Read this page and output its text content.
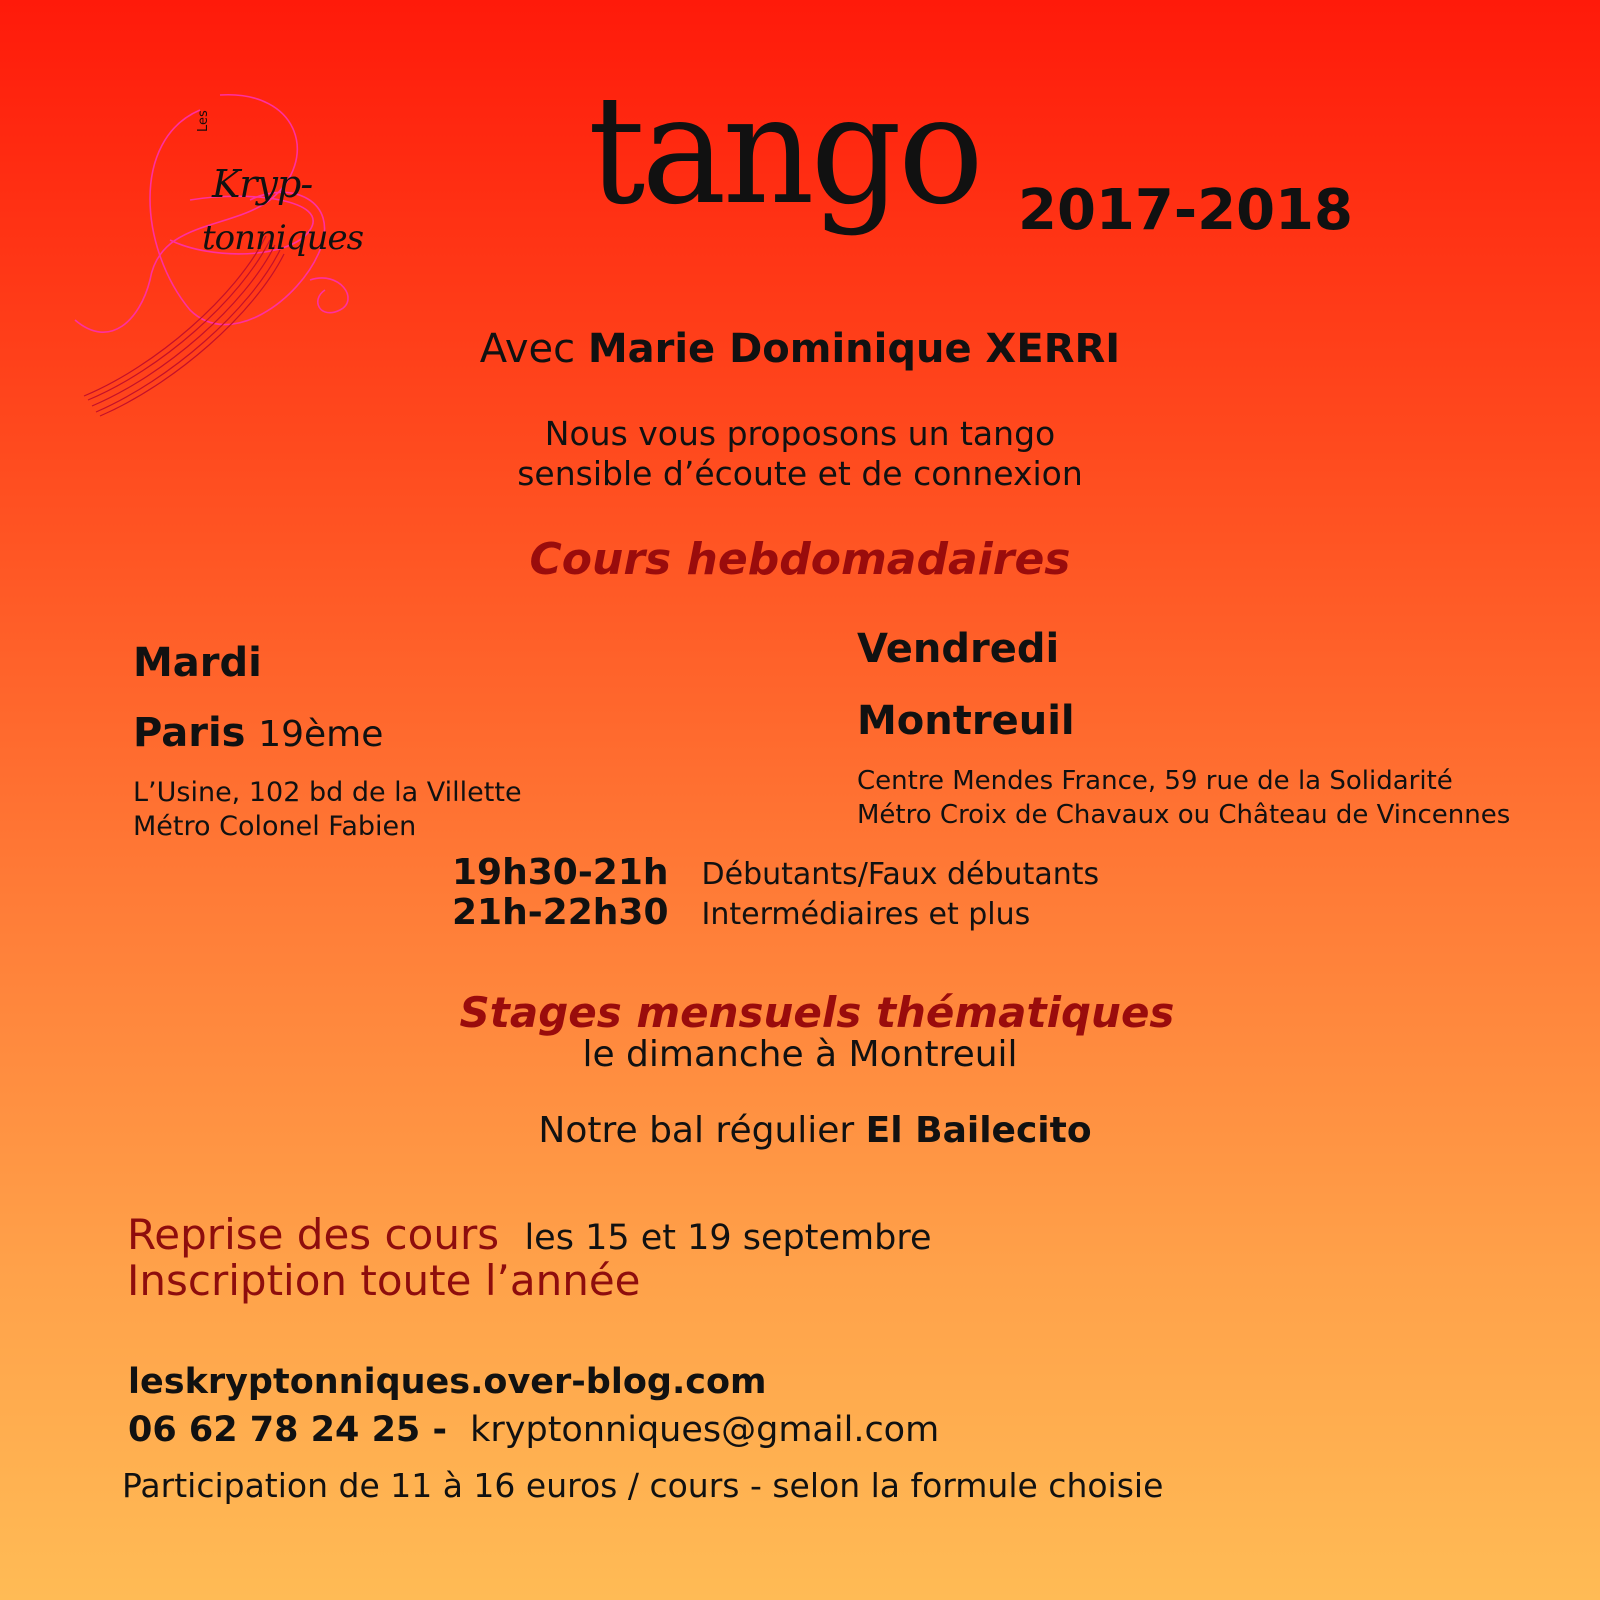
Les
Kryp-
tonniques tango 2017-2018
Avec Marie Dominique XERRI
Nous vous proposons un tango
sensible d’écoute et de connexion
Cours hebdomadaires
Mardi
Paris 19ème
L’Usine, 102 bd de la Villette
Métro Colonel Fabien
Vendredi
Montreuil
Centre Mendes France, 59 rue de la Solidarité
Métro Croix de Chavaux ou Château de Vincennes
19h30-21h Débutants/Faux débutants
21h-22h30 Intermédiaires et plus
Stages mensuels thématiques
le dimanche à Montreuil
Notre bal régulier El Bailecito
Reprise des cours les 15 et 19 septembre
Inscription toute l’année
leskryptonniques.over-blog.com
06 62 78 24 25 - kryptonniques@gmail.com
Participation de 11 à 16 euros / cours - selon la formule choisie
